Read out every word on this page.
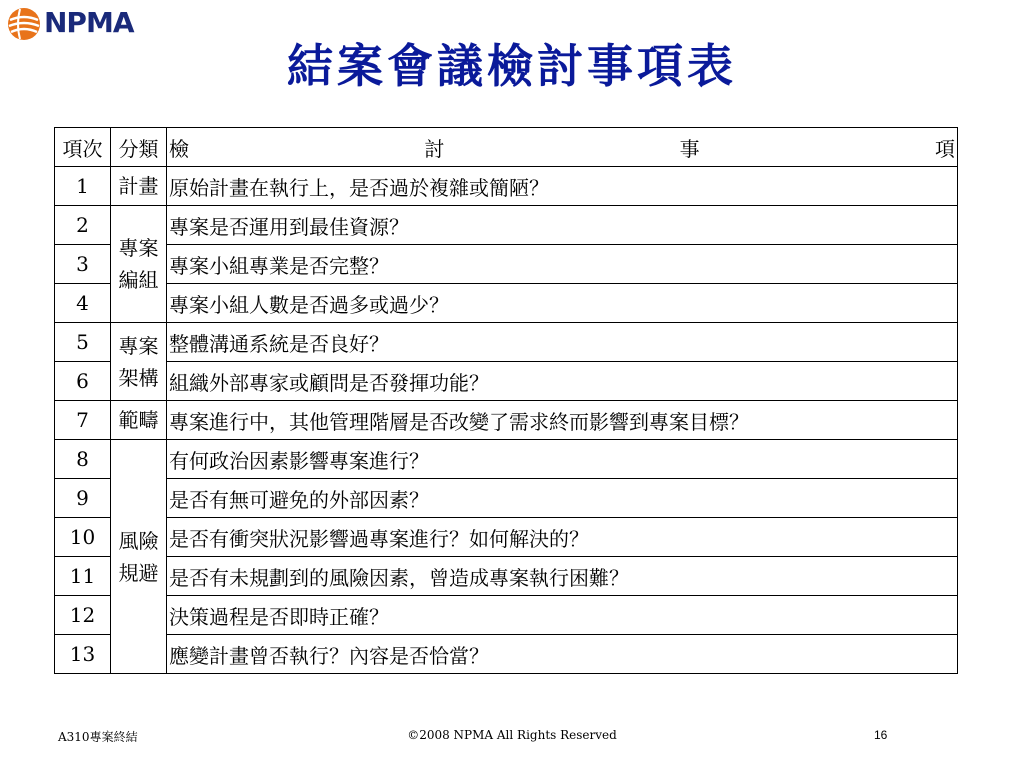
NPMA
結案會議檢討事項表
項次	分類	檢 討 事 項

1	計畫	原始計畫在執行上，是否過於複雜或簡陋？
2	專案編組	專案是否運用到最佳資源？
3		專案小組專業是否完整？
4		專案小組人數是否過多或過少？
5	專案架構	整體溝通系統是否良好？
6		組織外部專家或顧問是否發揮功能？
7	範疇	專案進行中，其他管理階層是否改變了需求終而影響到專案目標？
8	風險規避	有何政治因素影響專案進行？
9		是否有無可避免的外部因素？
10		是否有衝突狀況影響過專案進行？如何解決的？
11		是否有未規劃到的風險因素，曾造成專案執行困難？
12		決策過程是否即時正確？
13		應變計畫曾否執行？內容是否恰當？
A310專案終結	©2008 NPMA All Rights Reserved	16
